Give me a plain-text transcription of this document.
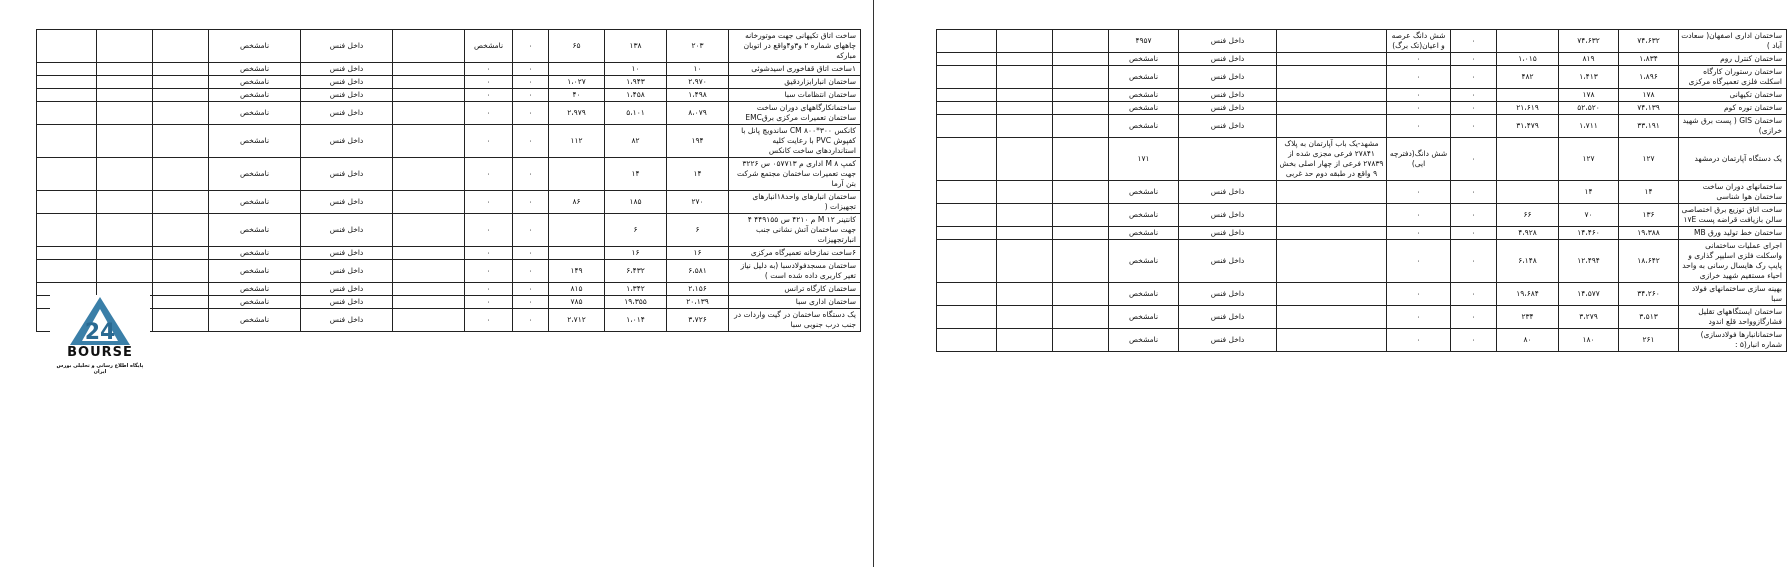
ساخت اتاق تکیهانی جهت موتورخانه چاههای شماره ۲ و۳و۴واقع در اتوبان مبارکه	۲۰۳	۱۳۸	۶۵	۰	نامشخص		داخل فنس	نامشخص			
۱ساخت اتاق قفاخوری اسیدشوئی	۱۰	۱۰		۰	۰		داخل فنس	نامشخص			
ساختمان انبارابزاردقیق	۲،۹۷۰	۱،۹۴۳	۱،۰۲۷	۰	۰		داخل فنس	نامشخص			
ساختمان انتظامات سبا	۱،۴۹۸	۱،۴۵۸	۴۰	۰	۰		داخل فنس	نامشخص			
ساختمانکارگاههای دوران ساخت ساختمان تعمیرات مرکزی برقEMC	۸،۰۷۹	۵،۱۰۱	۲،۹۷۹	۰	۰		داخل فنس	نامشخص			
کانکس ۳۰۰*۸۰۰ CM ساندویچ پانل با کفپوش PVC با رعایت کلیه استانداردهای ساخت کانکس	۱۹۴	۸۲	۱۱۲	۰	۰		داخل فنس	نامشخص			
کمپ M ۸ اداری م ۰۵۷۷۱۳ س ۳۲۲۶ جهت تعمیرات ساختمان مجتمع شرکت بتن آرما	۱۴	۱۴		۰	۰		داخل فنس	نامشخص			
ساختمان انبارهای واحد۱۸انبارهای تجهیزات (	۲۷۰	۱۸۵	۸۶	۰	۰		داخل فنس	نامشخص			
کانتینر M ۱۲ م ۴۲۱۰ س ۴۴۹۱۵۵ ۴ جهت ساختمان آتش نشانی جنب انبارتجهیزات	۶	۶		۰	۰		داخل فنس	نامشخص			
۶ساخت نمازخانه تعمیرگاه مرکزی	۱۶	۱۶		۰	۰		داخل فنس	نامشخص			
ساختمان مسجدفولادسبا (به دلیل نیاز تغیر کاربری داده شده است )	۶،۵۸۱	۶،۴۳۲	۱۴۹	۰	۰		داخل فنس	نامشخص			
ساختمان کارگاه ترانس	۲،۱۵۶	۱،۳۴۲	۸۱۵	۰	۰		داخل فنس	نامشخص			
ساختمان اداری سبا	۲۰،۱۳۹	۱۹،۳۵۵	۷۸۵	۰	۰		داخل فنس	نامشخص			
یک دستگاه ساختمان در گیت واردات در جنب درب جنوبی سبا	۳،۷۲۶	۱،۰۱۴	۲،۷۱۲	۰	۰		داخل فنس	نامشخص			
ساختمان اداری اصفهان( سعادت آباد )	۷۴،۶۳۲	۷۴،۶۳۲		۰	شش دانگ عرصه و اعیان(تک برگ)		داخل فنس	۴۹۵۷			
ساختمان کنترل روم	۱،۸۳۴	۸۱۹	۱،۰۱۵	۰	۰		داخل فنس	نامشخص			
ساختمان رستوران کارگاه اسکلت فلزی تعمیرگاه مرکزی	۱،۸۹۶	۱،۴۱۳	۴۸۲	۰	۰		داخل فنس	نامشخص			
ساختمان تکیهانی	۱۷۸	۱۷۸		۰	۰		داخل فنس	نامشخص			
ساختمان توره کوم	۷۴،۱۳۹	۵۲،۵۲۰	۲۱،۶۱۹	۰	۰		داخل فنس	نامشخص			
ساختمان GIS ( پست برق شهید خرازی)	۳۳،۱۹۱	۱،۷۱۱	۳۱،۴۷۹	۰	۰		داخل فنس	نامشخص			
یک دستگاه آپارتمان درمشهد	۱۲۷	۱۲۷		۰	شش دانگ(دفترچه ایی)	مشهد-یک باب آپارتمان به پلاک ۲۷۸۴۱ فرعی مجزی شده از ۲۷۸۳۹ فرعی از چهار اصلی بخش ۹ واقع در طبقه دوم حد غربی		۱۷۱			
ساختمانهای دوران ساخت ساختمان هوا شناسی	۱۴	۱۴		۰	۰		داخل فنس	نامشخص			
ساخت اتاق توزیع برق اختصاصی سالن بازیافت قراضه پست ۱۷E	۱۳۶	۷۰	۶۶	۰	۰		داخل فنس	نامشخص			
ساختمان خط تولید ورق MB	۱۹،۳۸۸	۱۴،۴۶۰	۴،۹۲۸	۰	۰		داخل فنس	نامشخص			
اجرای عملیات ساختمانی واسکلت فلزی اسلیپر گذاری و پایپ رک هایسال رسانی به واحد احیاء مستقیم شهید خرازی	۱۸،۶۴۲	۱۲،۴۹۴	۶،۱۴۸	۰	۰		داخل فنس	نامشخص			
بهینه سازی ساختمانهای فولاد سبا	۳۴،۲۶۰	۱۴،۵۷۷	۱۹،۶۸۴	۰	۰		داخل فنس	نامشخص			
ساختمان ایستگاههای تقلیل فشارگازوواحد قلع اندود	۳،۵۱۳	۳،۲۷۹	۲۳۴	۰	۰		داخل فنس	نامشخص			
ساختمانانبارها فولادسازی) شماره انبار(۵ :	۲۶۱	۱۸۰	۸۰	۰	۰		داخل فنس	نامشخص			
24
BOURSE
پایگاه اطلاع رسانی و تحلیلی بورس ایران
